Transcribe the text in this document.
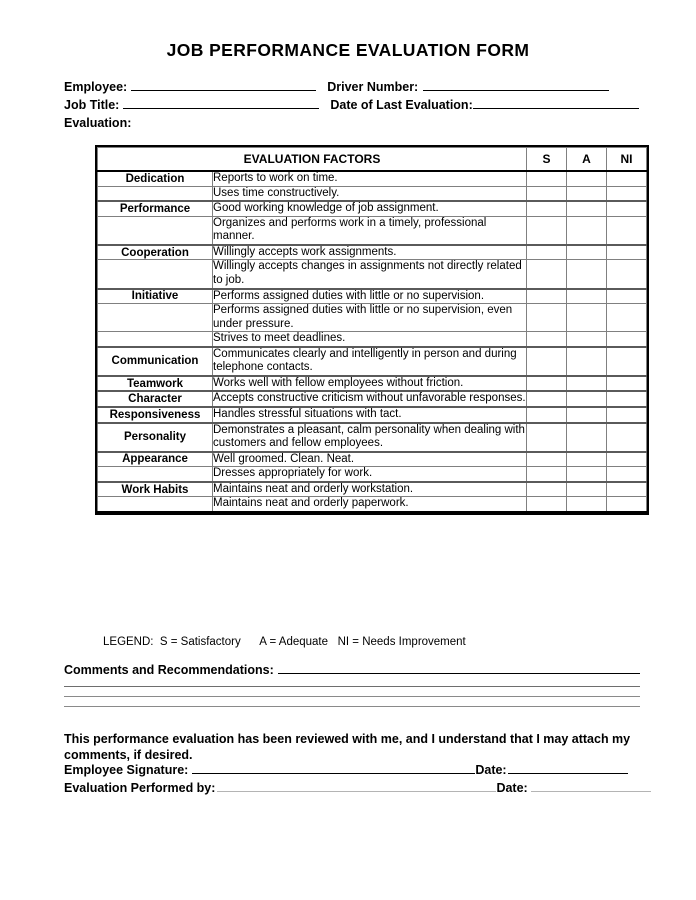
JOB PERFORMANCE EVALUATION FORM
Employee:	Driver Number:
Job Title:	Date of Last Evaluation:
Evaluation:
EVALUATION FACTORS		S	A	NI
Dedication	Reports to work on time.			
	Uses time constructively.			
Performance	Good working knowledge of job assignment.			
	Organizes and performs work in a timely, professional manner.			
Cooperation	Willingly accepts work assignments.			
	Willingly accepts changes in assignments not directly related to job.			
Initiative	Performs assigned duties with little or no supervision.			
	Performs assigned duties with little or no supervision, even under pressure.			
	Strives to meet deadlines.			
Communication	Communicates clearly and intelligently in person and during telephone contacts.			
Teamwork	Works well with fellow employees without friction.			
Character	Accepts constructive criticism without unfavorable responses.			
Responsiveness	Handles stressful situations with tact.			
Personality	Demonstrates a pleasant, calm personality when dealing with customers and fellow employees.			
Appearance	Well groomed. Clean. Neat.			
	Dresses appropriately for work.			
Work Habits	Maintains neat and orderly workstation.			
	Maintains neat and orderly paperwork.			
LEGEND:  S = Satisfactory      A = Adequate   NI = Needs Improvement
Comments and Recommendations:
This performance evaluation has been reviewed with me, and I understand that I may attach my comments, if desired.
Employee Signature:	Date:
Evaluation Performed by:	Date:
